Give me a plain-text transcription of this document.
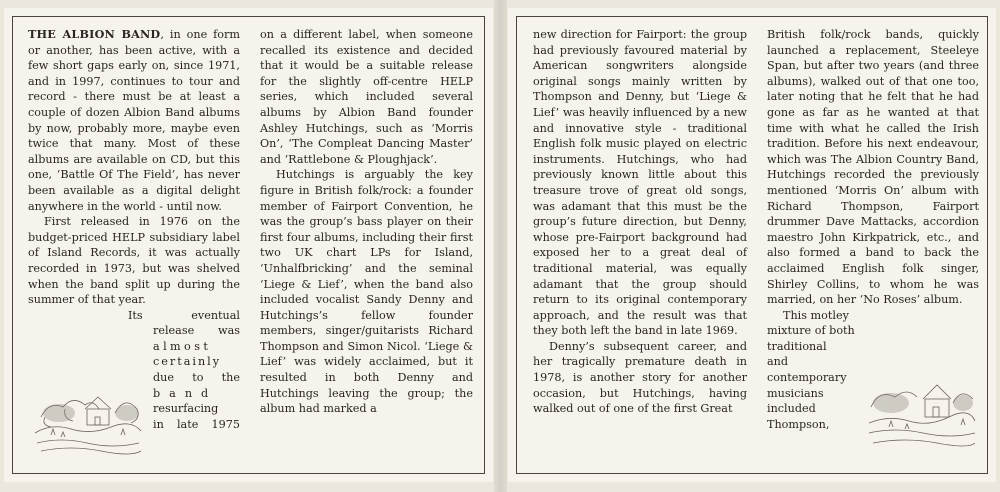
THE ALBION BAND, in one form or another, has been active, with a few short gaps early on, since 1971, and in 1997, continues to tour and record - there must be at least a couple of dozen Albion Band albums by now, probably more, maybe even twice that many. Most of these albums are available on CD, but this one, ‘Battle Of The Field’, has never been available as a digital delight anywhere in the world - until now.

First released in 1976 on the budget-priced HELP subsidiary label of Island Records, it was actually recorded in 1973, but was shelved when the band split up during the summer of that year.

Its eventual
release was
almost
certainly
due to the
band
resurfacing
in late 1975

on a different label, when someone recalled its existence and decided that it would be a suitable release for the slightly off-centre HELP series, which included several albums by Albion Band founder Ashley Hutchings, such as ‘Morris On’, ‘The Compleat Dancing Master’ and ‘Rattlebone & Ploughjack’.

Hutchings is arguably the key figure in British folk/rock: a founder member of Fairport Convention, he was the group’s bass player on their first four albums, including their first two UK chart LPs for Island, ‘Unhalfbricking’ and the seminal ‘Liege & Lief’, when the band also included vocalist Sandy Denny and Hutchings’s fellow founder members, singer/guitarists Richard Thompson and Simon Nicol. ‘Liege & Lief’ was widely acclaimed, but it resulted in both Denny and Hutchings leaving the group; the album had marked a

new direction for Fairport: the group had previously favoured material by American songwriters alongside original songs mainly written by Thompson and Denny, but ‘Liege & Lief’ was heavily influenced by a new and innovative style - traditional English folk music played on electric instruments. Hutchings, who had previously known little about this treasure trove of great old songs, was adamant that this must be the group’s future direction, but Denny, whose pre-Fairport background had exposed her to a great deal of traditional material, was equally adamant that the group should return to its original contemporary approach, and the result was that they both left the band in late 1969.

Denny’s subsequent career, and her tragically premature death in 1978, is another story for another occasion, but Hutchings, having walked out of one of the first Great

British folk/rock bands, quickly launched a replacement, Steeleye Span, but after two years (and three albums), walked out of that one too, later noting that he felt that he had gone as far as he wanted at that time with what he called the Irish tradition. Before his next endeavour, which was The Albion Country Band, Hutchings recorded the previously mentioned ‘Morris On’ album with Richard Thompson, Fairport drummer Dave Mattacks, accordion maestro John Kirkpatrick, etc., and also formed a band to back the acclaimed English folk singer, Shirley Collins, to whom he was married, on her ‘No Roses’ album.

This motley
mixture of both
traditional
and
contemporary
musicians
included
Thompson,
